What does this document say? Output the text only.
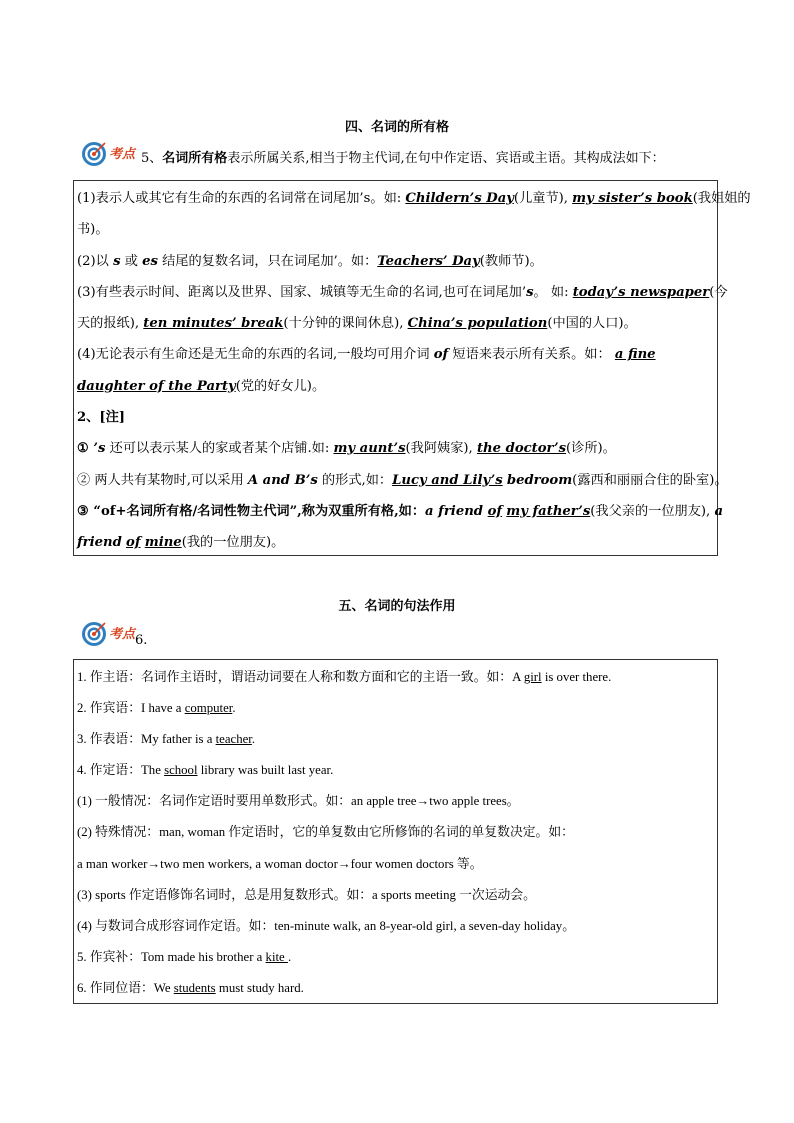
四、名词的所有格
考点 5、名词所有格表示所属关系,相当于物主代词,在句中作定语、宾语或主语。其构成法如下：
(1)表示人或其它有生命的东西的名词常在词尾加’s。如: Childern’s Day(儿童节), my sister’s book(我姐姐的
书)。
(2)以 s 或 es 结尾的复数名词，只在词尾加’。如：Teachers’ Day(教师节)。
(3)有些表示时间、距离以及世界、国家、城镇等无生命的名词,也可在词尾加’s。 如: today’s newspaper(今
天的报纸), ten minutes’ break(十分钟的课间休息), China’s population(中国的人口)。
(4)无论表示有生命还是无生命的东西的名词,一般均可用介词 of 短语来表示所有关系。如： a fine
daughter of the Party(党的好女儿)。
2、[注]
① ’s 还可以表示某人的家或者某个店铺.如: my aunt’s(我阿姨家), the doctor’s(诊所)。
② 两人共有某物时,可以采用 A and B’s 的形式,如：Lucy and Lily’s bedroom(露西和丽丽合住的卧室)。
③ “of+名词所有格/名词性物主代词”,称为双重所有格,如：a friend of my father’s(我父亲的一位朋友), a
friend of mine(我的一位朋友)。
五、名词的句法作用
考点 6.
1. 作主语：名词作主语时，谓语动词要在人称和数方面和它的主语一致。如：A girl is over there.
2. 作宾语：I have a computer.
3. 作表语：My father is a teacher.
4. 作定语：The school library was built last year.
(1) 一般情况：名词作定语时要用单数形式。如：an apple tree→two apple trees。
(2) 特殊情况：man, woman 作定语时，它的单复数由它所修饰的名词的单复数决定。如：
a man worker→two men workers, a woman doctor→four women doctors 等。
(3) sports 作定语修饰名词时，总是用复数形式。如：a sports meeting 一次运动会。
(4) 与数词合成形容词作定语。如：ten-minute walk, an 8-year-old girl, a seven-day holiday。
5. 作宾补：Tom made his brother a kite .
6. 作同位语：We students must study hard.
